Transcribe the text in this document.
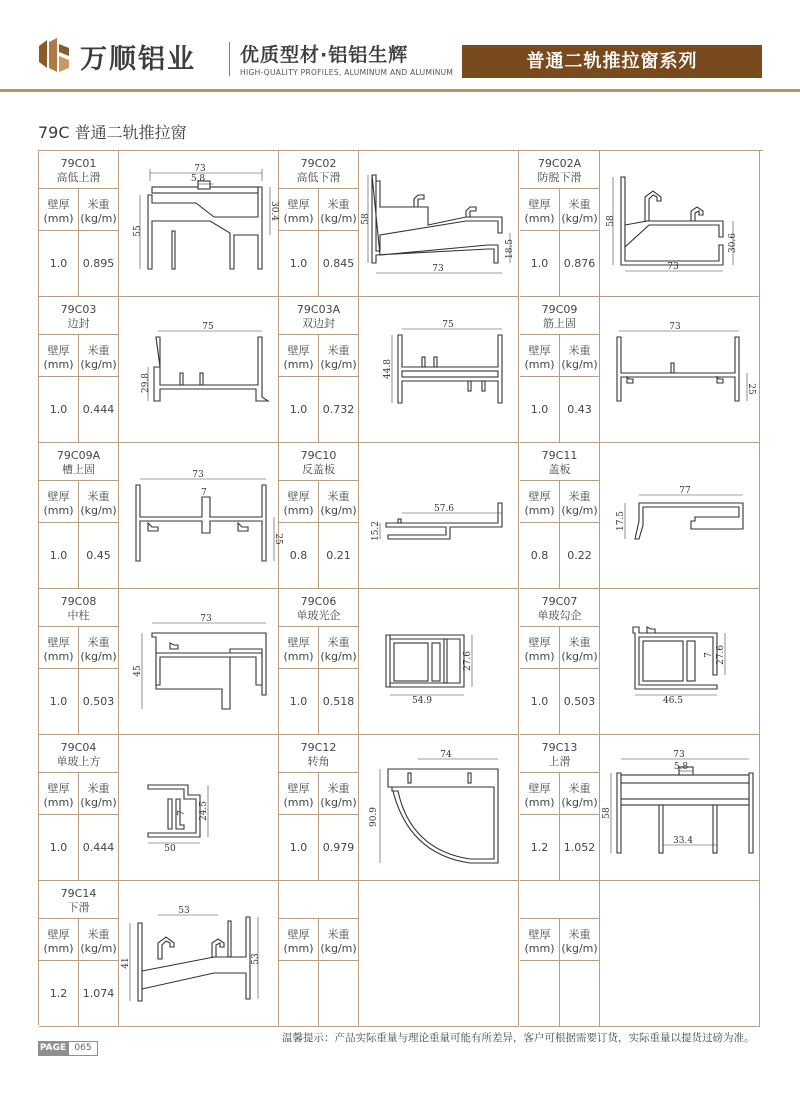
万顺铝业 优质型材·铝铝生辉
HIGH-QUALITY PROFILES, ALUMINUM AND ALUMINUM
普通二轨推拉窗系列
79C 普通二轨推拉窗
79C01
高低上滑
壁厚
(mm)
米重
(kg/m)
1.0	0.895
73
5.8
30.4
55
79C02
高低下滑
壁厚
(mm)
米重
(kg/m)
1.0	0.845
58
18.5
73
79C02A
防脱下滑
壁厚
(mm)
米重
(kg/m)
1.0	0.876
58
30.6
73
79C03
边封
壁厚
(mm)
米重
(kg/m)
1.0	0.444
75
29.8
79C03A
双边封
壁厚
(mm)
米重
(kg/m)
1.0	0.732
75
44.8
79C09
筋上固
壁厚
(mm)
米重
(kg/m)
1.0	0.43
73
25
79C09A
槽上固
壁厚
(mm)
米重
(kg/m)
1.0	0.45
73
7
25
79C10
反盖板
壁厚
(mm)
米重
(kg/m)
0.8	0.21
57.6
15.2
79C11
盖板
壁厚
(mm)
米重
(kg/m)
0.8	0.22
77
17.5
79C08
中柱
壁厚
(mm)
米重
(kg/m)
1.0	0.503
73
45
79C06
单玻光企
壁厚
(mm)
米重
(kg/m)
1.0	0.518
27.6
54.9
79C07
单玻勾企
壁厚
(mm)
米重
(kg/m)
1.0	0.503
7 27.6
46.5
79C04
单玻上方
壁厚
(mm)
米重
(kg/m)
1.0	0.444
24.5
7
50
79C12
转角
壁厚
(mm)
米重
(kg/m)
1.0	0.979
74
90.9
79C13
上滑
壁厚
(mm)
米重
(kg/m)
1.2	1.052
73
5.8
58
33.4
79C14
下滑
壁厚
(mm)
米重
(kg/m)
1.2	1.074
53
53
41
壁厚
(mm)
米重
(kg/m)
壁厚
(mm)
米重
(kg/m)
温馨提示：产品实际重量与理论重量可能有所差异，客户可根据需要订货，实际重量以提货过磅为准。
PAGE 065
